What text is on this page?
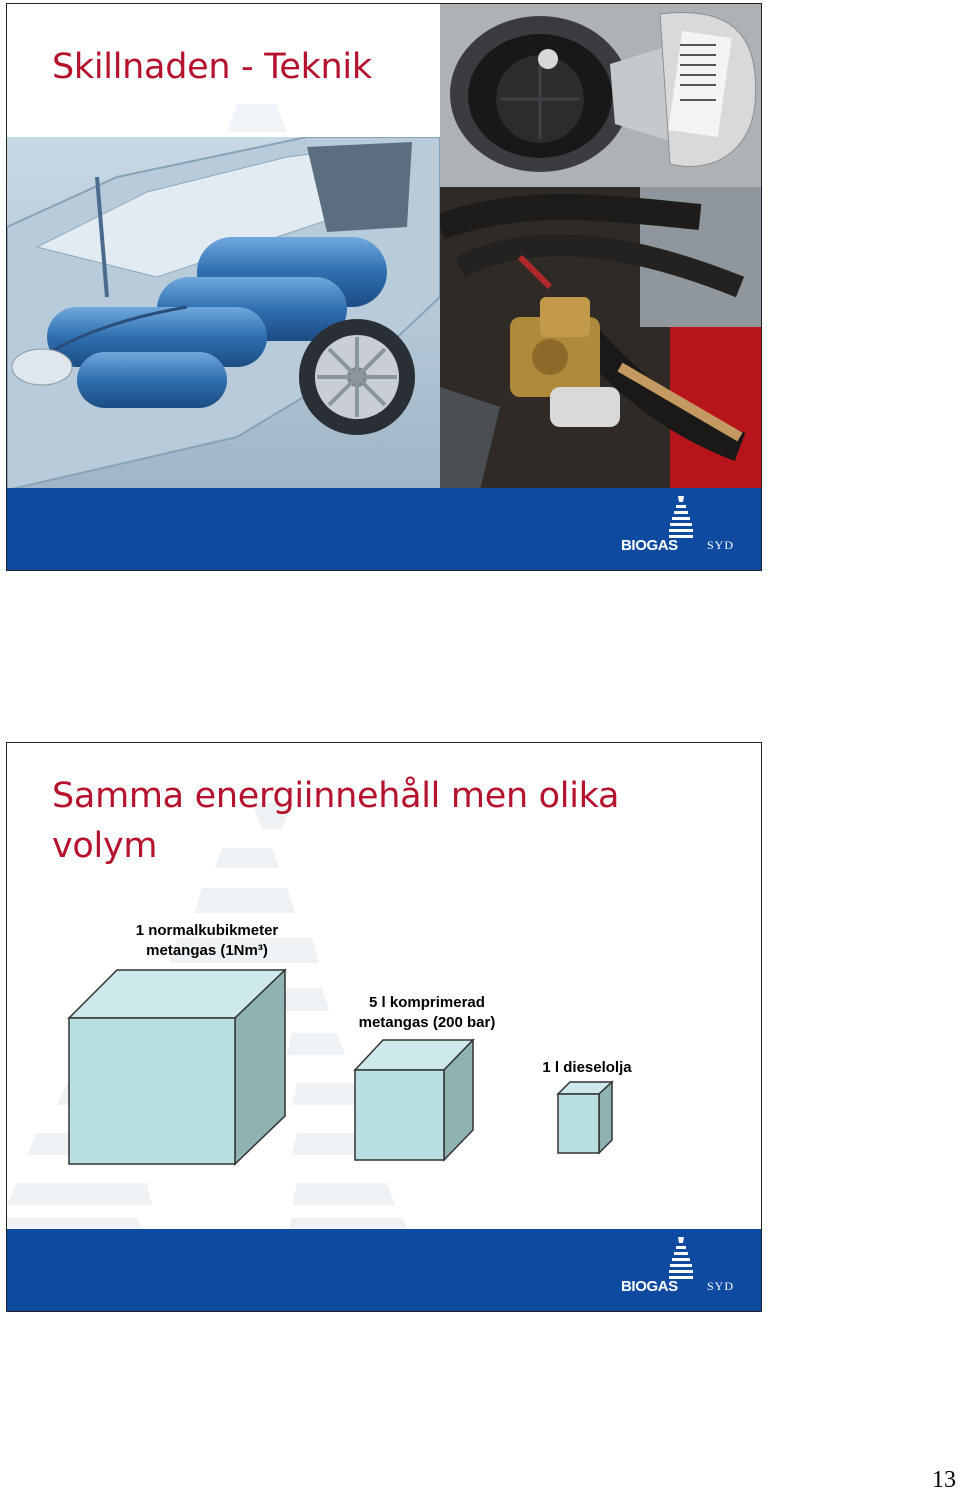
Skillnaden - Teknik
BIOGAS SYD
Samma energiinnehåll men olika volym

1 normalkubikmeter
metangas (1Nm³)

5 l komprimerad
metangas (200 bar)

1 l dieselolja

BIOGAS SYD

13
